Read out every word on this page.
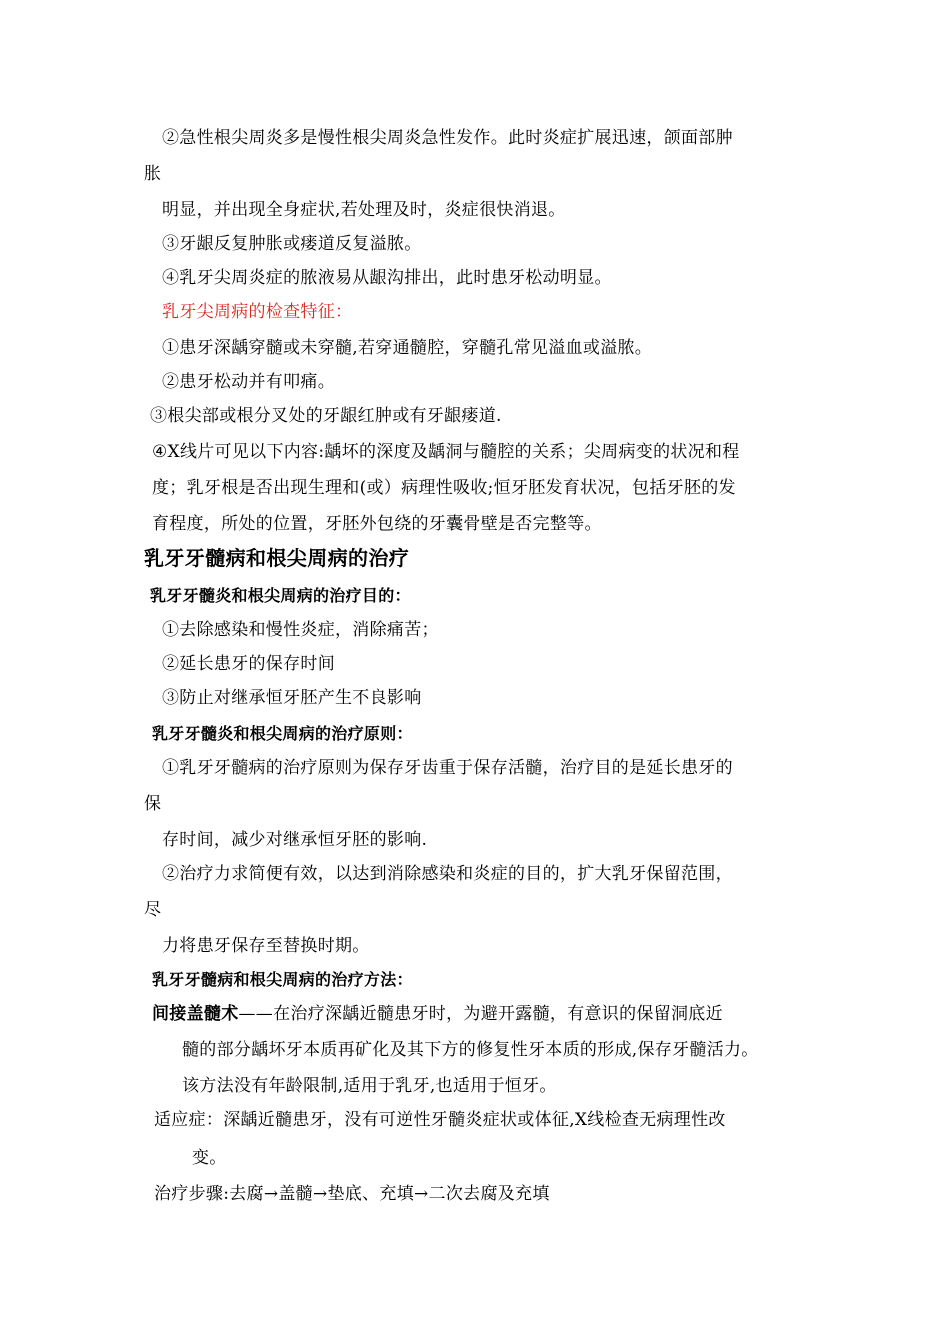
②急性根尖周炎多是慢性根尖周炎急性发作。此时炎症扩展迅速，颌面部肿
胀
明显，并出现全身症状,若处理及时，炎症很快消退。
③牙龈反复肿胀或瘘道反复溢脓。
④乳牙尖周炎症的脓液易从龈沟排出，此时患牙松动明显。
乳牙尖周病的检查特征：
①患牙深龋穿髓或未穿髓,若穿通髓腔，穿髓孔常见溢血或溢脓。
②患牙松动并有叩痛。
③根尖部或根分叉处的牙龈红肿或有牙龈瘘道.
④X线片可见以下内容:龋坏的深度及龋洞与髓腔的关系；尖周病变的状况和程
度；乳牙根是否出现生理和(或）病理性吸收;恒牙胚发育状况，包括牙胚的发
育程度，所处的位置，牙胚外包绕的牙囊骨壁是否完整等。
乳牙牙髓病和根尖周病的治疗
乳牙牙髓炎和根尖周病的治疗目的：
①去除感染和慢性炎症，消除痛苦；
②延长患牙的保存时间
③防止对继承恒牙胚产生不良影响
乳牙牙髓炎和根尖周病的治疗原则：
①乳牙牙髓病的治疗原则为保存牙齿重于保存活髓，治疗目的是延长患牙的
保
存时间，减少对继承恒牙胚的影响.
②治疗力求简便有效，以达到消除感染和炎症的目的，扩大乳牙保留范围，
尽
力将患牙保存至替换时期。
乳牙牙髓病和根尖周病的治疗方法：
间接盖髓术——在治疗深龋近髓患牙时，为避开露髓，有意识的保留洞底近
髓的部分龋坏牙本质再矿化及其下方的修复性牙本质的形成,保存牙髓活力。
该方法没有年龄限制,适用于乳牙,也适用于恒牙。
适应症：深龋近髓患牙，没有可逆性牙髓炎症状或体征,X线检查无病理性改
变。
治疗步骤:去腐→盖髓→垫底、充填→二次去腐及充填
